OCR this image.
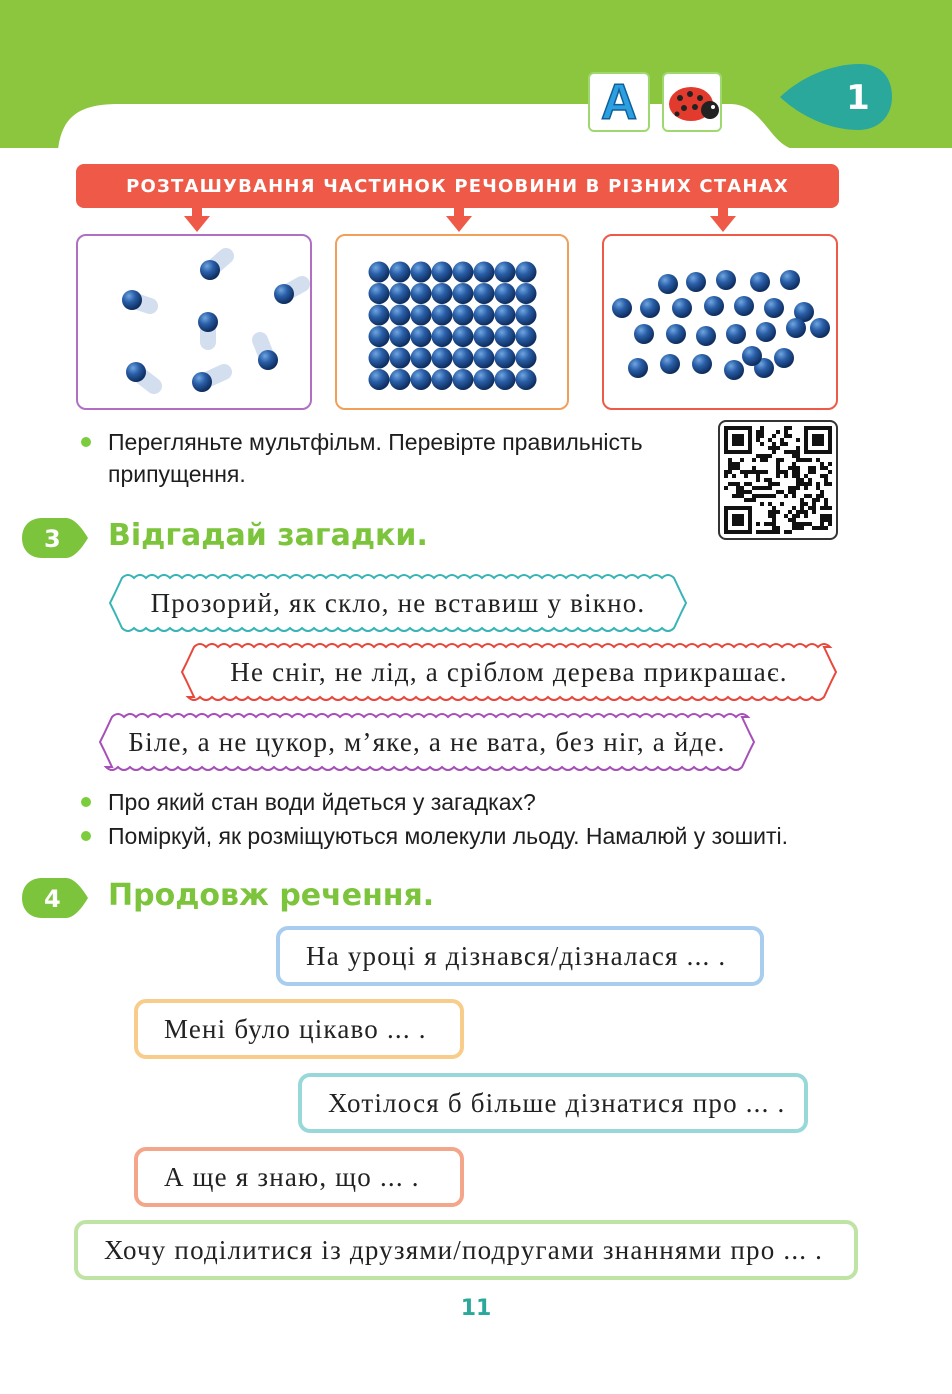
A	1
РОЗТАШУВАННЯ ЧАСТИНОК РЕЧОВИНИ В РІЗНИХ СТАНАХ
Перегляньте мультфільм. Перевірте правильність припущення.
3 Відгадай загадки.
Прозорий, як скло, не вставиш у вікно.
Не сніг, не лід, а сріблом дерева прикрашає.
Біле, а не цукор, м’яке, а не вата, без ніг, а йде.
Про який стан води йдеться у загадках?
Поміркуй, як розміщуються молекули льоду. Намалюй у зошиті.
4 Продовж речення.
На уроці я дізнався/дізналася ... .
Мені було цікаво ... .
Хотілося б більше дізнатися про ... .
А ще я знаю, що ... .
Хочу поділитися із друзями/подругами знаннями про ... .
11
